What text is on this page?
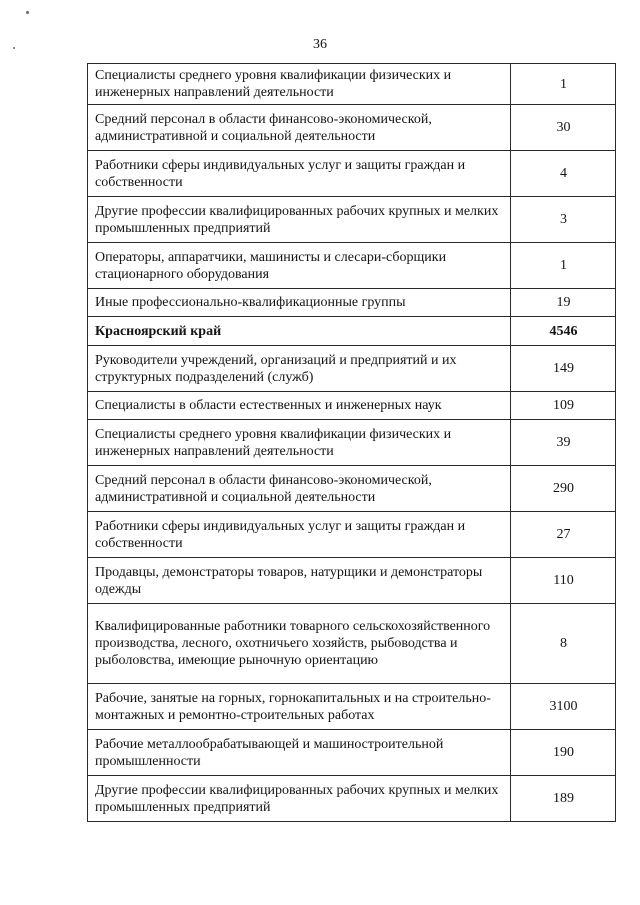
36
Специалисты среднего уровня квалификации физических и инженерных направлений деятельности	1
Средний персонал в области финансово-экономической, административной и социальной деятельности	30
Работники сферы индивидуальных услуг и защиты граждан и собственности	4
Другие профессии квалифицированных рабочих крупных и мелких промышленных предприятий	3
Операторы, аппаратчики, машинисты и слесари-сборщики стационарного оборудования	1
Иные профессионально-квалификационные группы	19
Красноярский край	4546
Руководители учреждений, организаций и предприятий и их структурных подразделений (служб)	149
Специалисты в области естественных и инженерных наук	109
Специалисты среднего уровня квалификации физических и инженерных направлений деятельности	39
Средний персонал в области финансово-экономической, административной и социальной деятельности	290
Работники сферы индивидуальных услуг и защиты граждан и собственности	27
Продавцы, демонстраторы товаров, натурщики и демонстраторы одежды	110
Квалифицированные работники товарного сельскохозяйственного производства, лесного, охотничьего хозяйств, рыбоводства и рыболовства, имеющие рыночную ориентацию	8
Рабочие, занятые на горных, горнокапитальных и на строительно-монтажных и ремонтно-строительных работах	3100
Рабочие металлообрабатывающей и машиностроительной промышленности	190
Другие профессии квалифицированных рабочих крупных и мелких промышленных предприятий	189
